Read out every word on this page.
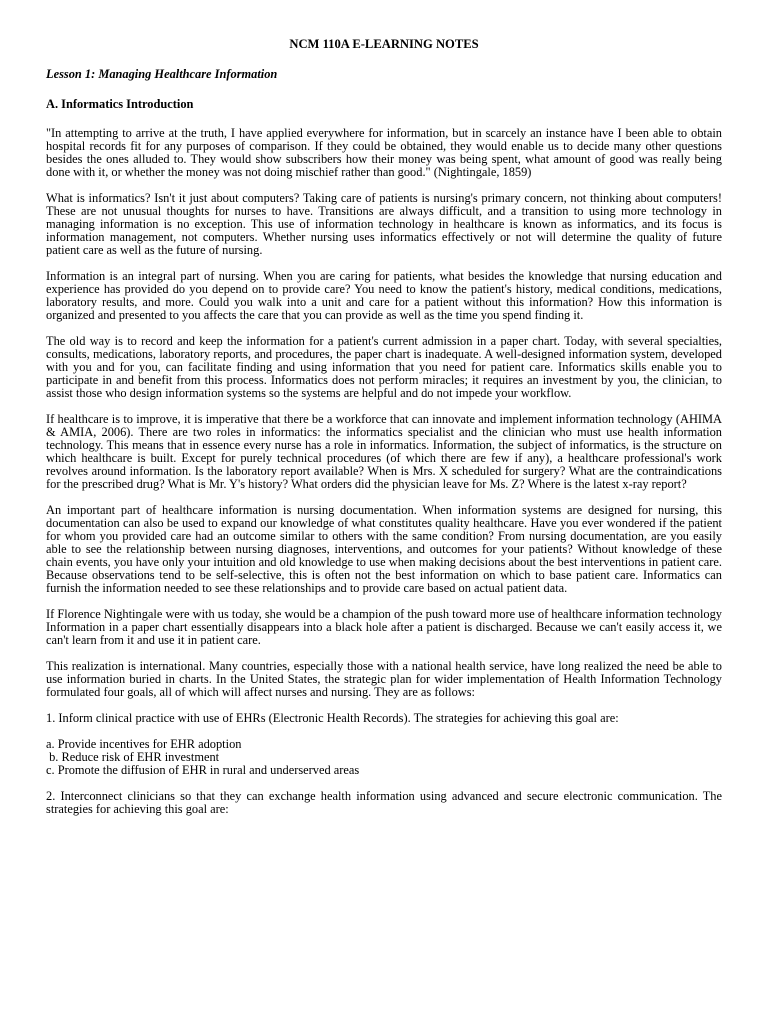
NCM 110A E-LEARNING NOTES
Lesson 1: Managing Healthcare Information
A. Informatics Introduction

"In attempting to arrive at the truth, I have applied everywhere for information, but in scarcely an instance have I been able to obtain hospital records fit for any purposes of comparison. If they could be obtained, they would enable us to decide many other questions besides the ones alluded to. They would show subscribers how their money was being spent, what amount of good was really being done with it, or whether the money was not doing mischief rather than good." (Nightingale, 1859)

What is informatics? Isn't it just about computers? Taking care of patients is nursing's primary concern, not thinking about computers! These are not unusual thoughts for nurses to have. Transitions are always difficult, and a transition to using more technology in managing information is no exception. This use of information technology in healthcare is known as informatics, and its focus is information management, not computers. Whether nursing uses informatics effectively or not will determine the quality of future patient care as well as the future of nursing.

Information is an integral part of nursing. When you are caring for patients, what besides the knowledge that nursing education and experience has provided do you depend on to provide care? You need to know the patient's history, medical conditions, medications, laboratory results, and more. Could you walk into a unit and care for a patient without this information? How this information is organized and presented to you affects the care that you can provide as well as the time you spend finding it.

The old way is to record and keep the information for a patient's current admission in a paper chart. Today, with several specialties, consults, medications, laboratory reports, and procedures, the paper chart is inadequate. A well-designed information system, developed with you and for you, can facilitate finding and using information that you need for patient care. Informatics skills enable you to participate in and benefit from this process. Informatics does not perform miracles; it requires an investment by you, the clinician, to assist those who design information systems so the systems are helpful and do not impede your workflow.

If healthcare is to improve, it is imperative that there be a workforce that can innovate and implement information technology (AHIMA & AMIA, 2006). There are two roles in informatics: the informatics specialist and the clinician who must use health information technology. This means that in essence every nurse has a role in informatics. Information, the subject of informatics, is the structure on which healthcare is built. Except for purely technical procedures (of which there are few if any), a healthcare professional's work revolves around information. Is the laboratory report available? When is Mrs. X scheduled for surgery? What are the contraindications for the prescribed drug? What is Mr. Y's history? What orders did the physician leave for Ms. Z? Where is the latest x-ray report?

An important part of healthcare information is nursing documentation. When information systems are designed for nursing, this documentation can also be used to expand our knowledge of what constitutes quality healthcare. Have you ever wondered if the patient for whom you provided care had an outcome similar to others with the same condition? From nursing documentation, are you easily able to see the relationship between nursing diagnoses, interventions, and outcomes for your patients? Without knowledge of these chain events, you have only your intuition and old knowledge to use when making decisions about the best interventions in patient care. Because observations tend to be self-selective, this is often not the best information on which to base patient care. Informatics can furnish the information needed to see these relationships and to provide care based on actual patient data.

If Florence Nightingale were with us today, she would be a champion of the push toward more use of healthcare information technology Information in a paper chart essentially disappears into a black hole after a patient is discharged. Because we can't easily access it, we can't learn from it and use it in patient care.

This realization is international. Many countries, especially those with a national health service, have long realized the need be able to use information buried in charts. In the United States, the strategic plan for wider implementation of Health Information Technology formulated four goals, all of which will affect nurses and nursing. They are as follows:

1. Inform clinical practice with use of EHRs (Electronic Health Records). The strategies for achieving this goal are:

a. Provide incentives for EHR adoption
b. Reduce risk of EHR investment
c. Promote the diffusion of EHR in rural and underserved areas

2. Interconnect clinicians so that they can exchange health information using advanced and secure electronic communication. The strategies for achieving this goal are:
